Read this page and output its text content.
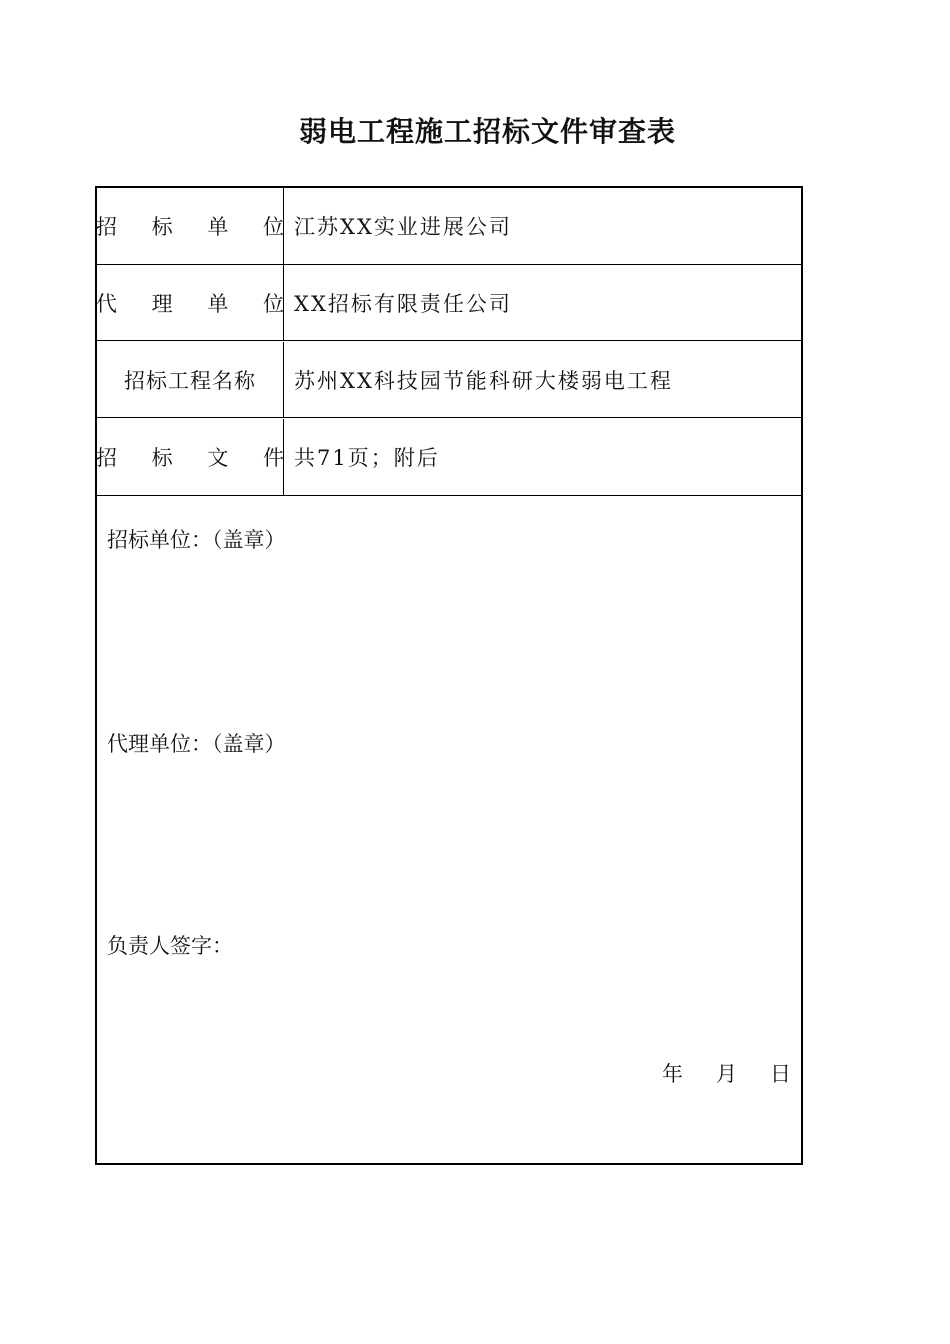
弱电工程施工招标文件审查表
招 标 单 位
江苏XX实业进展公司
代 理 单 位
XX招标有限责任公司
招标工程名称 苏州XX科技园节能科研大楼弱电工程
招 标 文 件
共71页；附后
招标单位：（盖章）
代理单位：（盖章）
负责人签字：
年 月 日
